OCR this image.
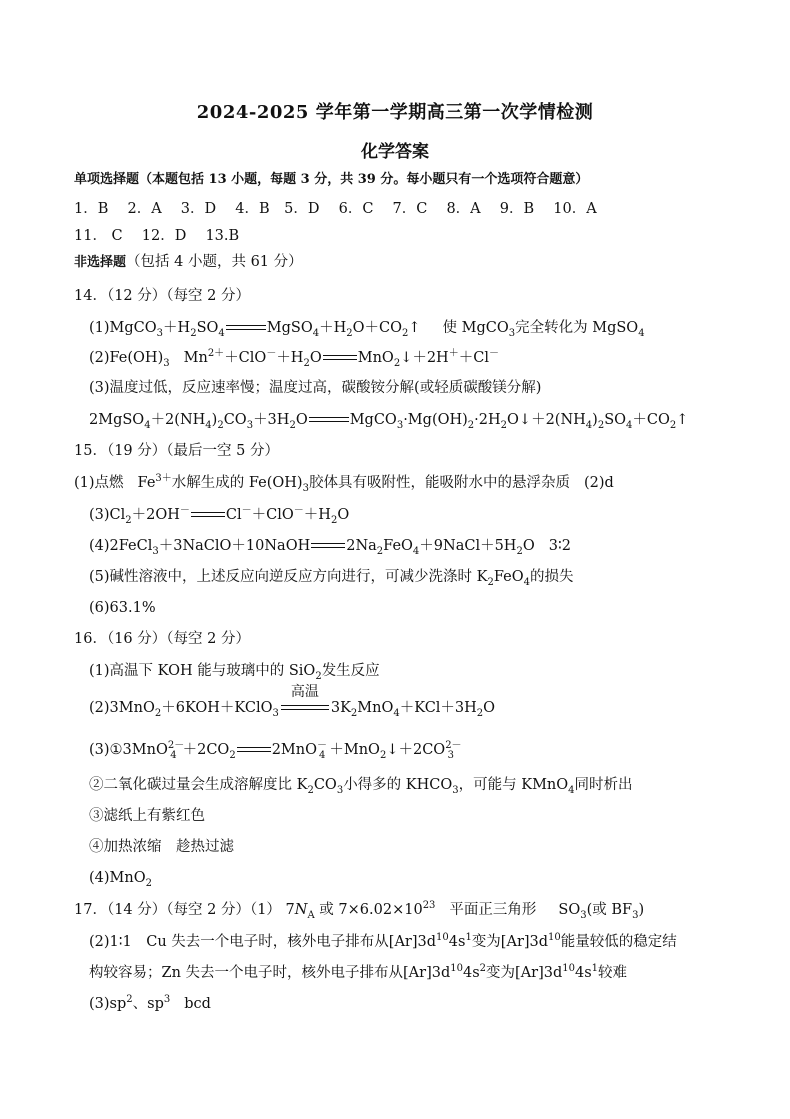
2024-2025 学年第一学期高三第一次学情检测
化学答案
单项选择题（本题包括 13 小题，每题 3 分，共 39 分。每小题只有一个选项符合题意）
1．B　 2．A　 3．D　 4．B　5．D　 6．C　 7．C　 8．A　 9．B　 10．A
11． C　 12．D　 13.B
非选择题（包括 4 小题，共 61 分）
14．（12 分）（每空 2 分）
$(1)MgCO_3+H_2SO_4$	$MgSO_4+H_2O+CO_2↑$ 使 MgCO$_3$完全转化为 MgSO$_4$
$(2)Fe(OH)_3$ $Mn^{2+}+ClO^-+H_2O$ MnO$_2$↓＋2H＋＋Cl－
(3)温度过低，反应速率慢；温度过高，碳酸铵分解(或轻质碳酸镁分解)
$2MgSO_4+2(NH_4)_2CO_3+3H_2O$	$MgCO_3\cdot Mg(OH)_2\cdot 2H_2O↓+2(NH_4)_2SO_4+CO_2↑$
15．（19 分）（最后一空 5 分）
(1)点燃 $Fe^{3+}$水解生成的 $Fe(OH)_3$胶体具有吸附性，能吸附水中的悬浮杂质 (2)d
$(3)Cl_2+2OH^-$ $Cl^-+ClO^-+H_2O$
(4)2FeCl$_3$＋3NaClO＋10NaOH $2Na_2FeO_4+9NaCl+5H_2O$ 3∶2
(5)碱性溶液中，上述反应向逆反应方向进行，可减少洗涤时 $K_2FeO_4$的损失
(6)63.1%
16．（16 分）（每空 2 分）
(1)高温下 KOH 能与玻璃中的 SiO$_2$发生反应
(2)3MnO$_2$＋6KOH＋KClO$_3$
高温
$3K_2MnO_4+KCl+3H_2O$
(3)①3MnO$^{2-}_4$ $+2CO_2$ $2MnO^-_4 +MnO_2↓+2CO^{2-}_3$
②二氧化碳过量会生成溶解度比 $K_2CO_3$小得多的 $KHCO_3$，可能与 KMnO$_4$同时析出
③滤纸上有紫红色
④加热浓缩　趁热过滤
(4)MnO$_2$
17．（14 分）（每空 2 分）（1） $7N_A$ 或 $7\times 6.02\times 10^{23}$ 平面正三角形 $SO_3$(或 $BF_3$)
(2)1∶1　Cu 失去一个电子时，核外电子排布从$[Ar]3d^{10}4s^1$变为$[Ar]3d^{10}$能量较低的稳定结
构较容易；Zn 失去一个电子时，核外电子排布从$[Ar]3d^{10}4s^2$变为$[Ar]3d^{10}4s^1$较难
$(3)sp^2$、$sp^3$ bcd
